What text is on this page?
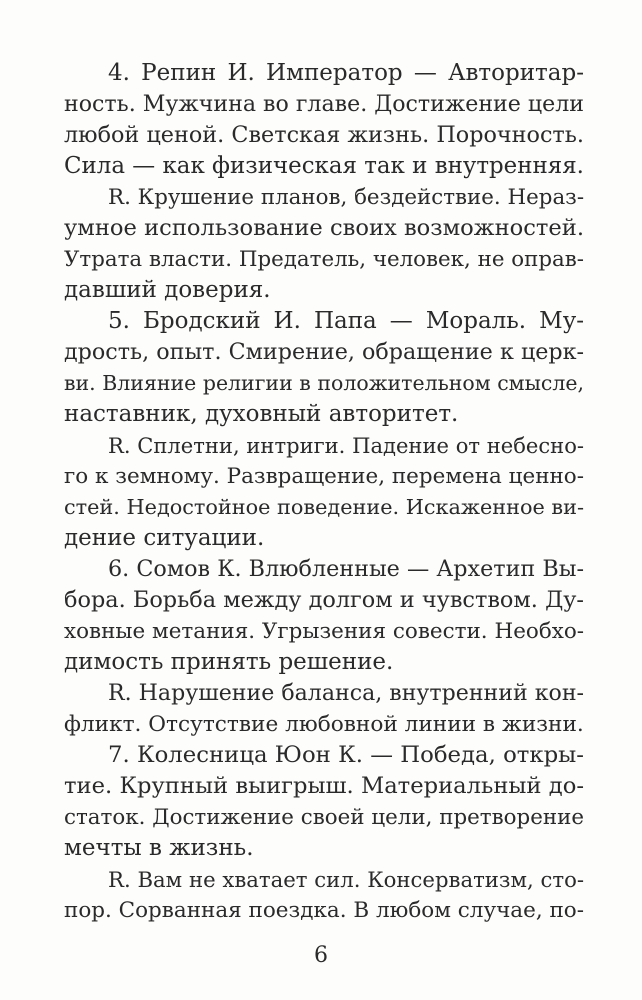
4. Репин И. Император — Авторитар-
ность. Мужчина во главе. Достижение цели
любой ценой. Светская жизнь. Порочность.
Сила — как физическая так и внутренняя.
R. Крушение планов, бездействие. Нераз-
умное использование своих возможностей.
Утрата власти. Предатель, человек, не оправ-
давший доверия.
5. Бродский И. Папа — Мораль. Му-
дрость, опыт. Смирение, обращение к церк-
ви. Влияние религии в положительном смысле,
наставник, духовный авторитет.
R. Сплетни, интриги. Падение от небесно-
го к земному. Развращение, перемена ценно-
стей. Недостойное поведение. Искаженное ви-
дение ситуации.
6. Сомов К. Влюбленные — Архетип Вы-
бора. Борьба между долгом и чувством. Ду-
ховные метания. Угрызения совести. Необхо-
димость принять решение.
R. Нарушение баланса, внутренний кон-
фликт. Отсутствие любовной линии в жизни.
7. Колесница Юон К. — Победа, откры-
тие. Крупный выигрыш. Материальный до-
статок. Достижение своей цели, претворение
мечты в жизнь.
R. Вам не хватает сил. Консерватизм, сто-
пор. Сорванная поездка. В любом случае, по-
6
